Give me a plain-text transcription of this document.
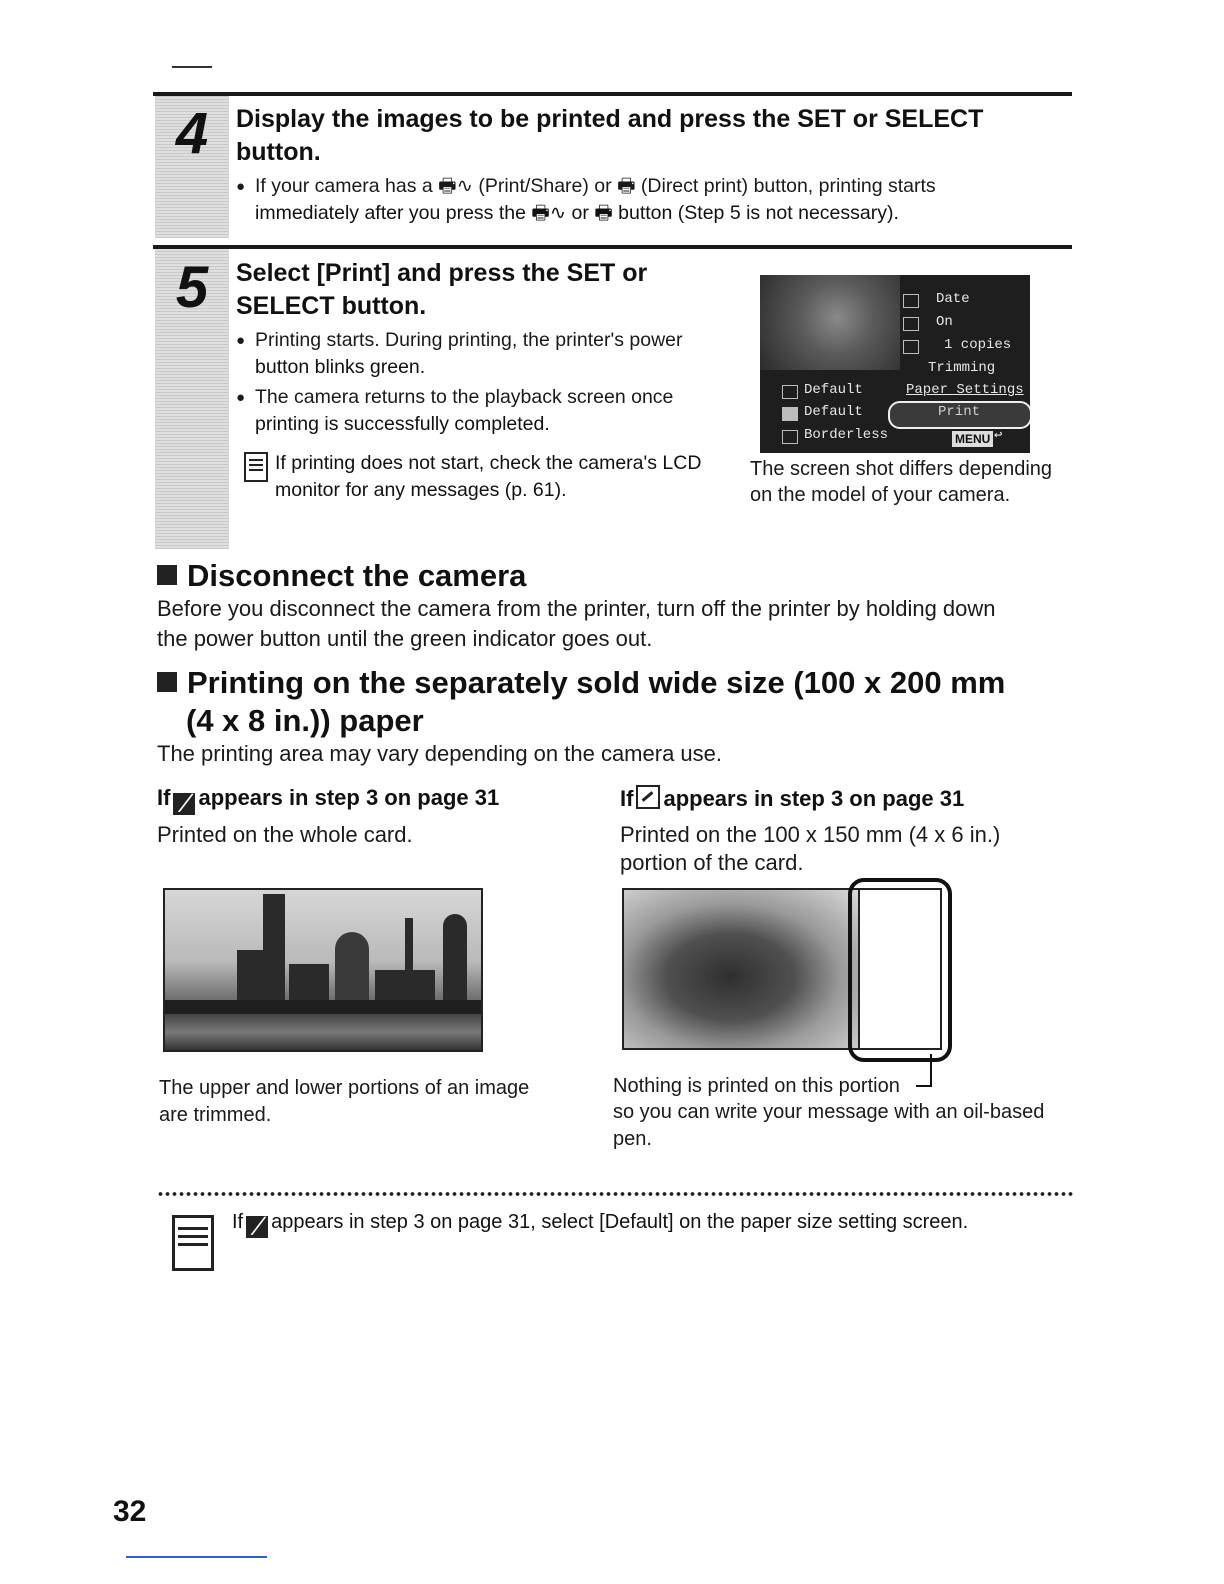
4	Display the images to be printed and press the SET or SELECT
button.
● If your camera has a 🖶∿ (Print/Share) or 🖶 (Direct print) button, printing starts
immediately after you press the 🖶∿ or 🖶 button (Step 5 is not necessary).
5	Select [Print] and press the SET or
SELECT button.
● Printing starts. During printing, the printer's power
button blinks green.
● The camera returns to the playback screen once
printing is successfully completed.
If printing does not start, check the camera's LCD
monitor for any messages (p. 61).
Date
On
1 copies
Trimming
Default	Paper Settings
Default	Print
Borderless	MENU ↩
The screen shot differs depending
on the model of your camera.
Disconnect the camera
Before you disconnect the camera from the printer, turn off the printer by holding down
the power button until the green indicator goes out.
Printing on the separately sold wide size (100 x 200 mm
(4 x 8 in.)) paper
The printing area may vary depending on the camera use.
If ╱ appears in step 3 on page 31
Printed on the whole card.
If appears in step 3 on page 31
Printed on the 100 x 150 mm (4 x 6 in.)
portion of the card.
The upper and lower portions of an image
are trimmed.
Nothing is printed on this portion
so you can write your message with an oil-based
pen.
If ╱ appears in step 3 on page 31, select [Default] on the paper size setting screen.
32
